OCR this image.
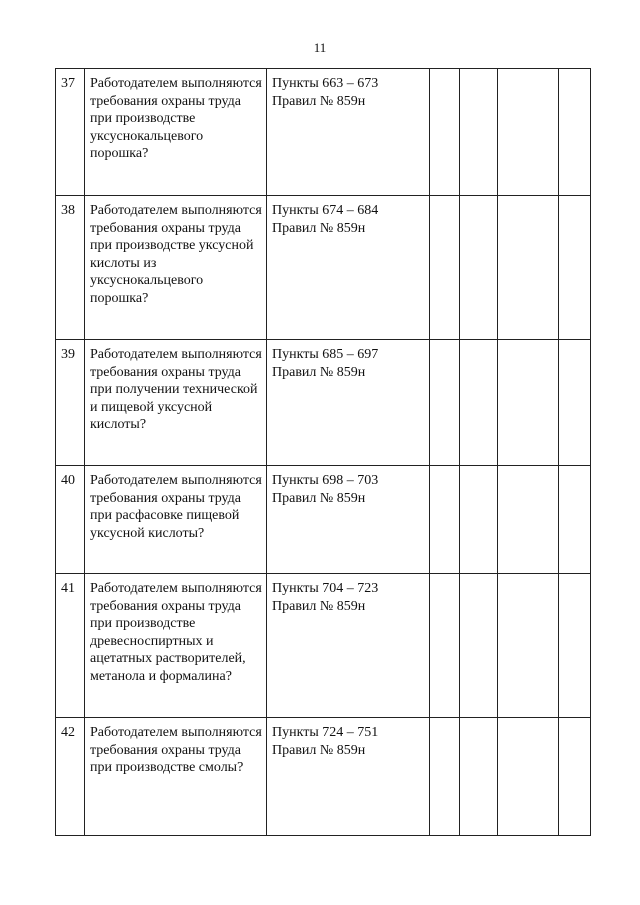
11
37	Работодателем выполняются требования охраны труда при производстве уксуснокальцевого порошка?	Пункты 663 – 673
Правил № 859н				

38	Работодателем выполняются требования охраны труда при производстве уксусной кислоты из уксуснокальцевого порошка?	Пункты 674 – 684
Правил № 859н				

39	Работодателем выполняются требования охраны труда при получении технической и пищевой уксусной кислоты?	Пункты 685 – 697
Правил № 859н				

40	Работодателем выполняются требования охраны труда при расфасовке пищевой уксусной кислоты?	Пункты 698 – 703
Правил № 859н				

41	Работодателем выполняются требования охраны труда при производстве древесноспиртных и ацетатных растворителей, метанола и формалина?	Пункты 704 – 723
Правил № 859н				

42	Работодателем выполняются требования охраны труда при производстве смолы?	Пункты 724 – 751
Правил № 859н				
